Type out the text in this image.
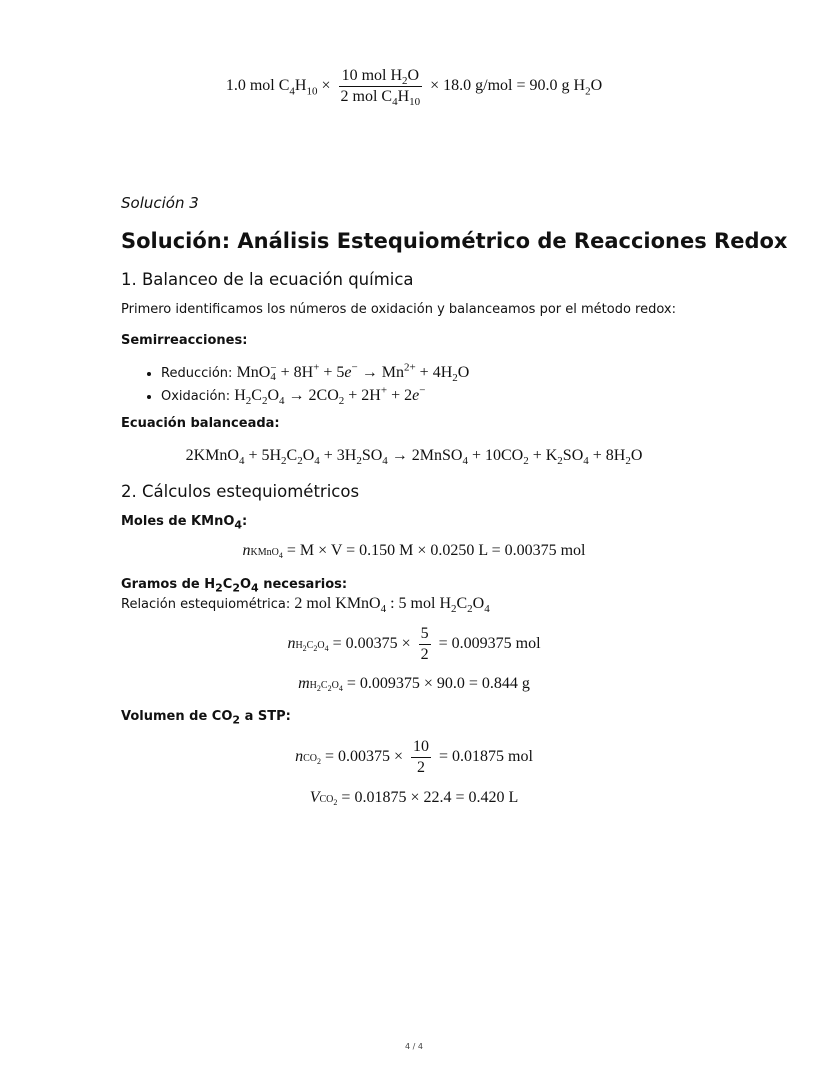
1.0 mol $C_4H_{10} \times \frac{10 mol H_2O}{2 mol C_4H_{10}} \times 18.0$ g/mol = 90.0 g $H_2O$
Solución 3
Solución: Análisis Estequiométrico de Reacciones Redox
1. Balanceo de la ecuación química
Primero identificamos los números de oxidación y balanceamos por el método redox:
Semirreacciones:
• Reducción: MnO −
$4 + 8H^+ + 5e^- \to Mn^{2+} + 4H_2O$
• Oxidación: $H_2C_2O_4 \to 2CO_2 + 2H^+ + 2e^-$
Ecuación balanceada:
2KMnO$_4$ + $5H_2C_2O_4 + 3H_2SO_4$ → 2MnSO$_4$ + $10CO_2 + K_2SO_4 + 8H_2O$
2. Cálculos estequiométricos
Moles de KMnO$_4$:
nKMnO$_4$ = M × V = 0.150 M × 0.0250 L = 0.00375 mol
Gramos de $H_2C_2O_4$ necesarios:
Relación estequiométrica: 2 mol KMnO$_4$ : 5 mol $H_2C_2O_4$
$nH_2C_2O_4 = 0.00375 \times \frac{5}{2} = 0.009375$ mol
$mH_2C_2O_4 = 0.009375 \times 90.0 = 0.844$ g
Volumen de $CO_2$ a STP:
$nCO_2 = 0.00375 \times \frac{10}{2} = 0.01875$ mol
$VCO_2 = 0.01875 \times 22.4 = 0.420$ L
4 / 4
